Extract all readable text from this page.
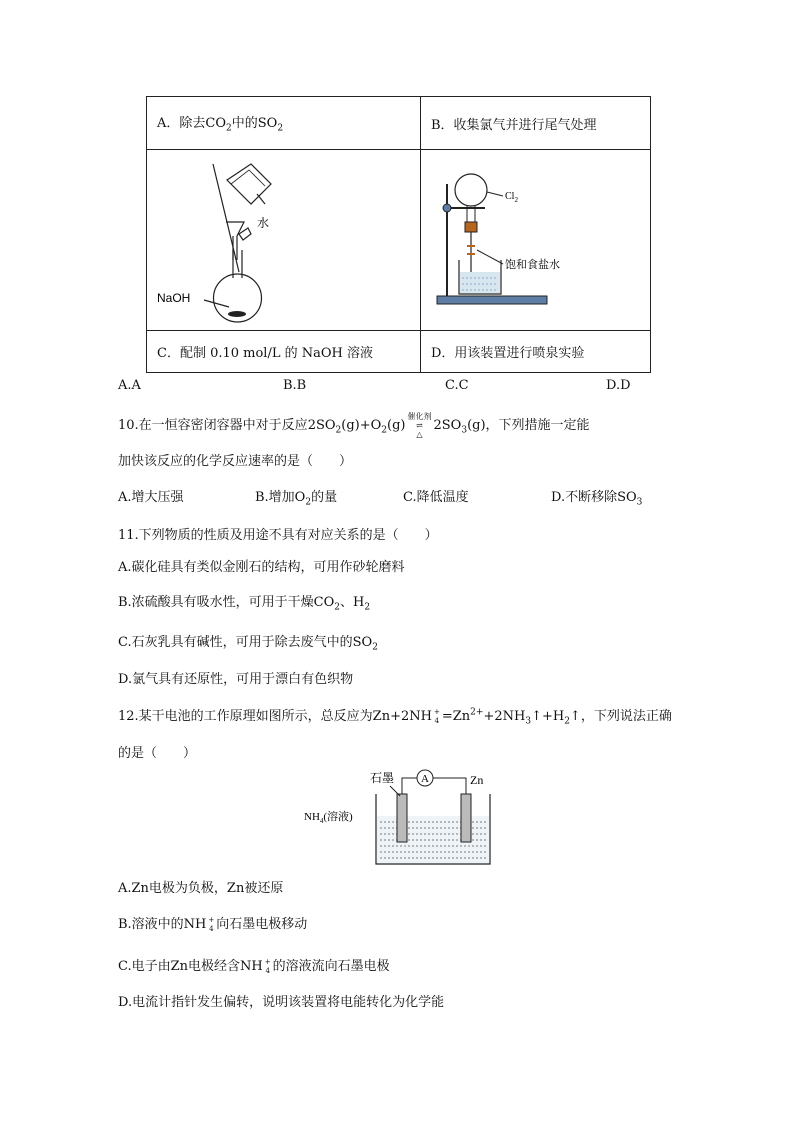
A．除去$CO_2$中的$SO_2$	B．收集氯气并进行尾气处理

水
NaOH	$Cl_2$
饱和食盐水

C．配制 0.10 mol/L 的 NaOH 溶液	D．用该装置进行喷泉实验
A.A	B.B	C.C	D.D
10.在一恒容密闭容器中对于反应$2SO_2(g)+O_2(g)$催化剂
⇌
$\triangle 2SO_3(g)$，下列措施一定能
加快该反应的化学反应速率的是（　　）
A.增大压强	B.增加$O_2$的量	C.降低温度	D.不断移除$SO_3$
11.下列物质的性质及用途不具有对应关系的是（　　）
A.碳化硅具有类似金刚石的结构，可用作砂轮磨料
B.浓硫酸具有吸水性，可用于干燥$CO_2$、$H_2$
C.石灰乳具有碱性，可用于除去废气中的$SO_2$
D.氯气具有还原性，可用于漂白有色织物
12.某干电池的工作原理如图所示，总反应为Zn+2NH +
$4 =Zn^{2+}+2NH_3↑+H_2↑$，下列说法正确
的是（　　）
A
石墨	Zn
$NH_4$(溶液)
A.Zn电极为负极，Zn被还原
B.溶液中的NH +
4 向石墨电极移动
C.电子由Zn电极经含NH +
4 的溶液流向石墨电极
D.电流计指针发生偏转，说明该装置将电能转化为化学能
